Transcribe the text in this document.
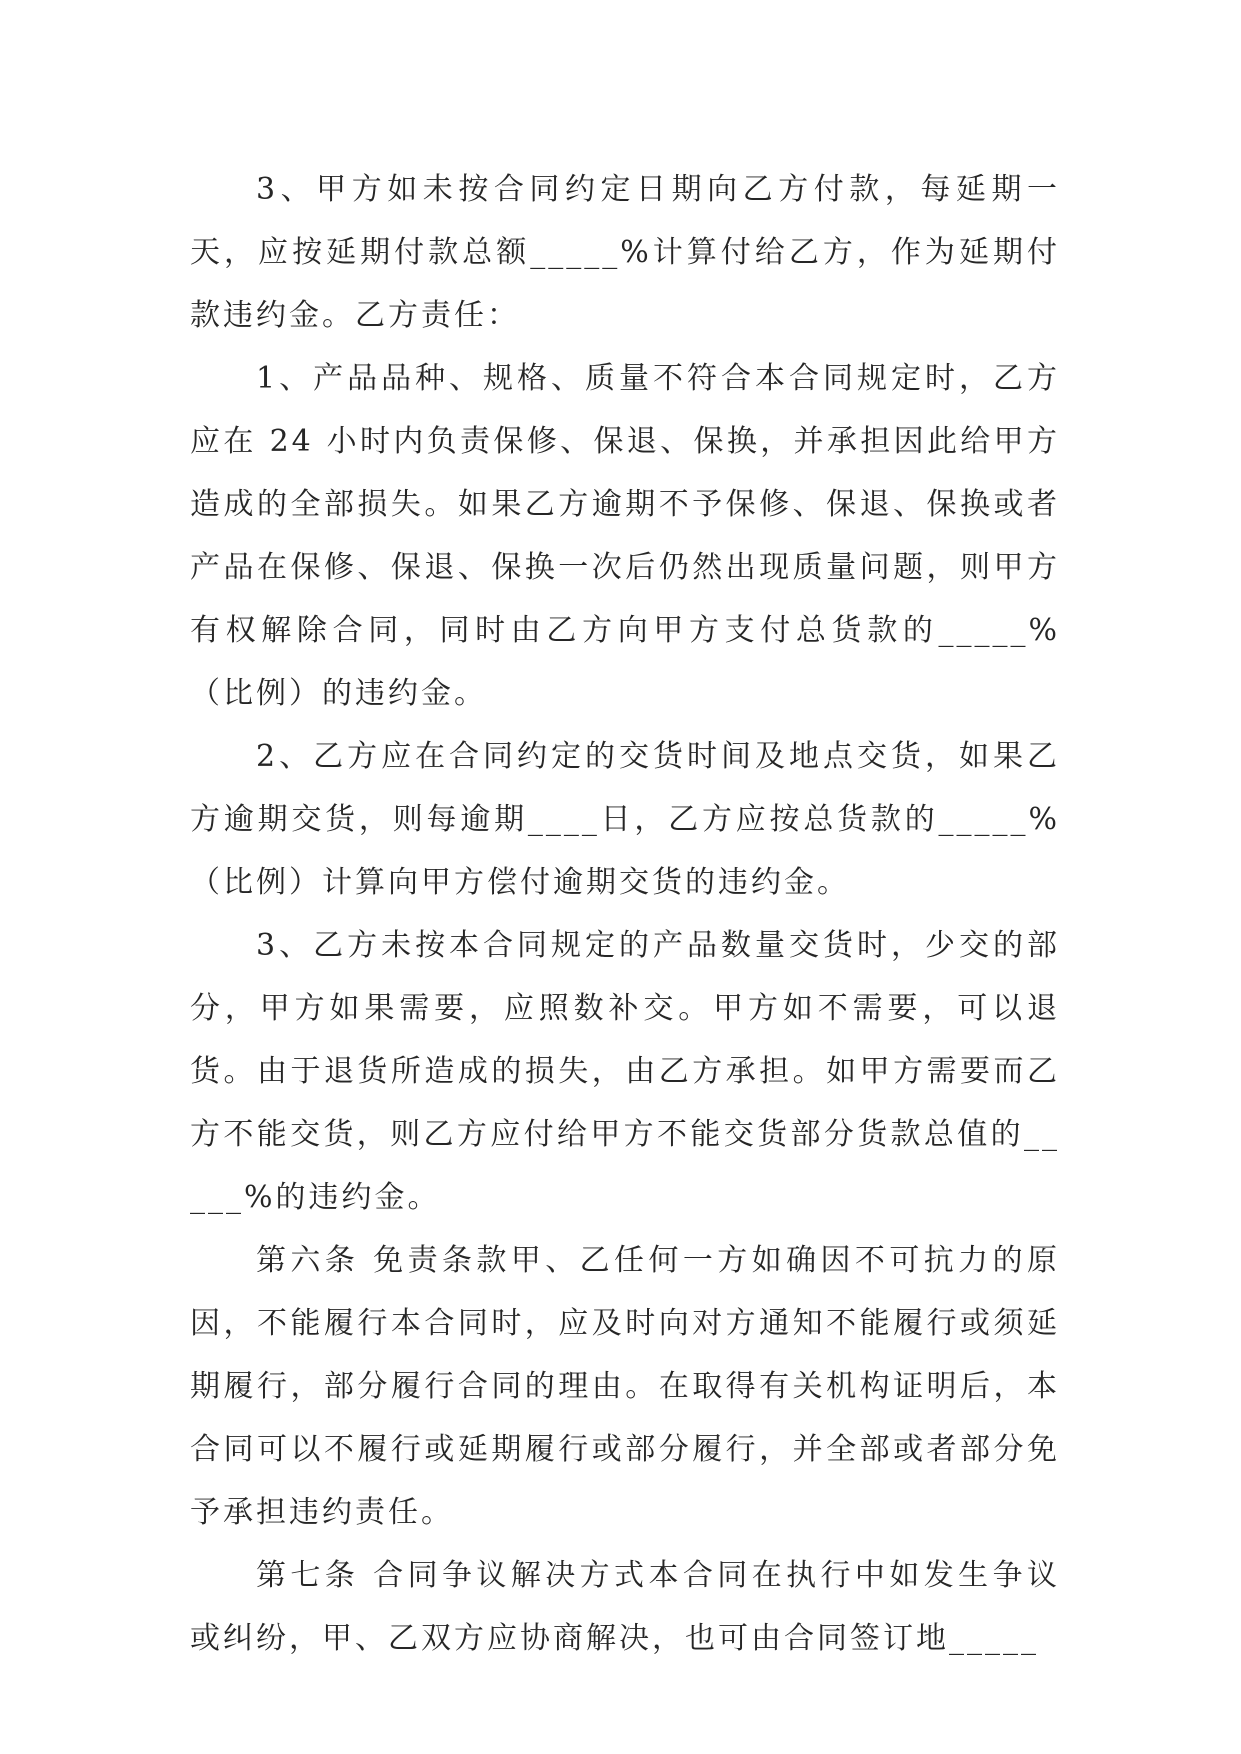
3、甲方如未按合同约定日期向乙方付款，每延期一天，应按延期付款总额_____%计算付给乙方，作为延期付款违约金。乙方责任：

1、产品品种、规格、质量不符合本合同规定时，乙方应在 24 小时内负责保修、保退、保换，并承担因此给甲方造成的全部损失。如果乙方逾期不予保修、保退、保换或者产品在保修、保退、保换一次后仍然出现质量问题，则甲方有权解除合同，同时由乙方向甲方支付总货款的_____%（比例）的违约金。

2、乙方应在合同约定的交货时间及地点交货，如果乙方逾期交货，则每逾期____日，乙方应按总货款的_____%（比例）计算向甲方偿付逾期交货的违约金。

3、乙方未按本合同规定的产品数量交货时，少交的部分，甲方如果需要，应照数补交。甲方如不需要，可以退货。由于退货所造成的损失，由乙方承担。如甲方需要而乙方不能交货，则乙方应付给甲方不能交货部分货款总值的_____%的违约金。

第六条 免责条款甲、乙任何一方如确因不可抗力的原因，不能履行本合同时，应及时向对方通知不能履行或须延期履行，部分履行合同的理由。在取得有关机构证明后，本合同可以不履行或延期履行或部分履行，并全部或者部分免予承担违约责任。

第七条 合同争议解决方式本合同在执行中如发生争议或纠纷，甲、乙双方应协商解决，也可由合同签订地_____
